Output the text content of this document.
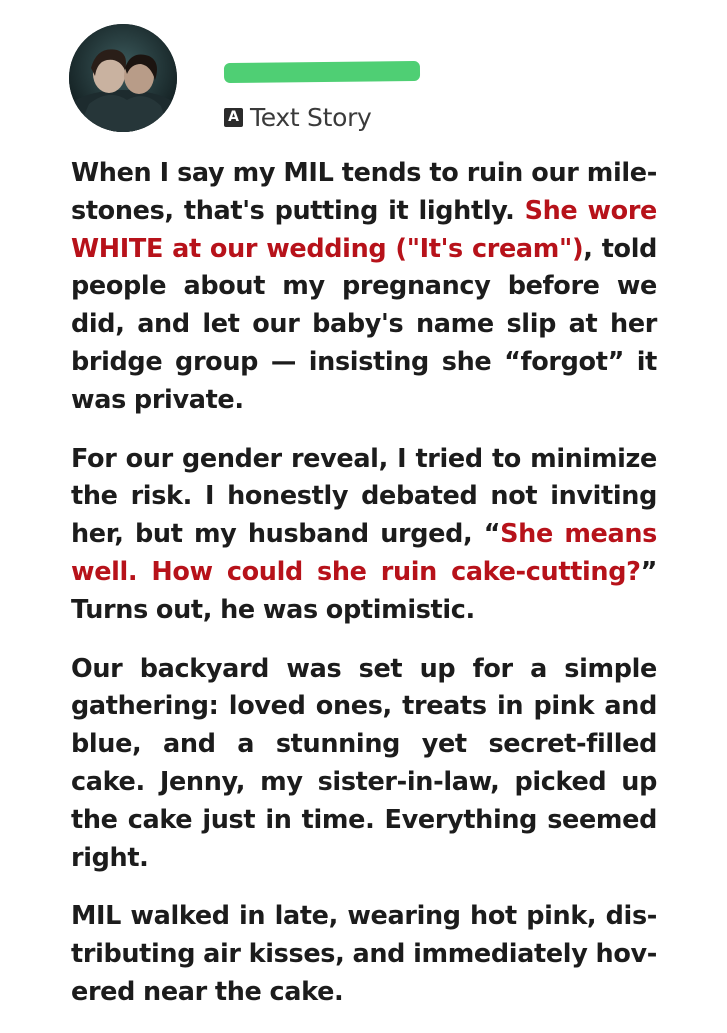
A Text Story

When I say my MIL tends to ruin our mile-stones, that's putting it lightly. She wore WHITE at our wedding ("It's cream"), told people about my pregnancy before we did, and let our baby's name slip at her bridge group — insisting she “forgot” it was private.

For our gender reveal, I tried to minimize the risk. I honestly debated not inviting her, but my husband urged, “She means well. How could she ruin cake-cutting?” Turns out, he was optimistic.

Our backyard was set up for a simple gathering: loved ones, treats in pink and blue, and a stunning yet secret-filled cake. Jenny, my sister-in-law, picked up the cake just in time. Everything seemed right.

MIL walked in late, wearing hot pink, dis-tributing air kisses, and immediately hov-ered near the cake.
